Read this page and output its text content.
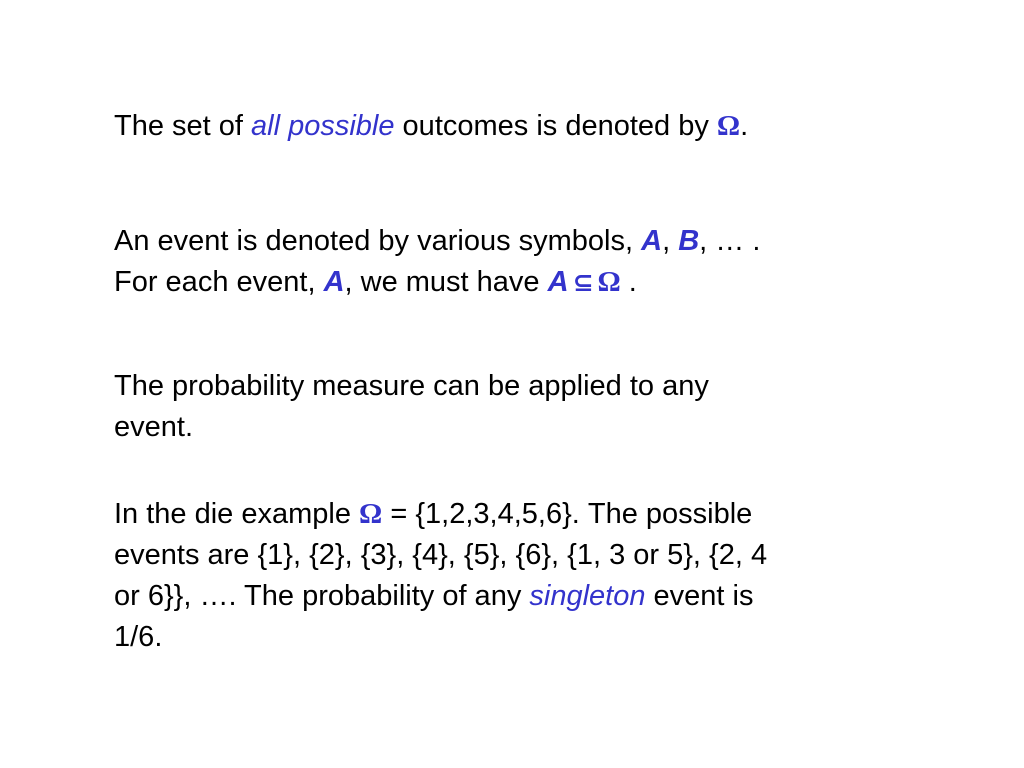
The set of all possible outcomes is denoted by Ω.

An event is denoted by various symbols, A, B, … .
For each event, A, we must have A ⊆ Ω .

The probability measure can be applied to any
event.

In the die example Ω = {1,2,3,4,5,6}. The possible
events are {1}, {2}, {3}, {4}, {5}, {6}, {1, 3 or 5}, {2, 4
or 6}}, …. The probability of any singleton event is
1/6.
